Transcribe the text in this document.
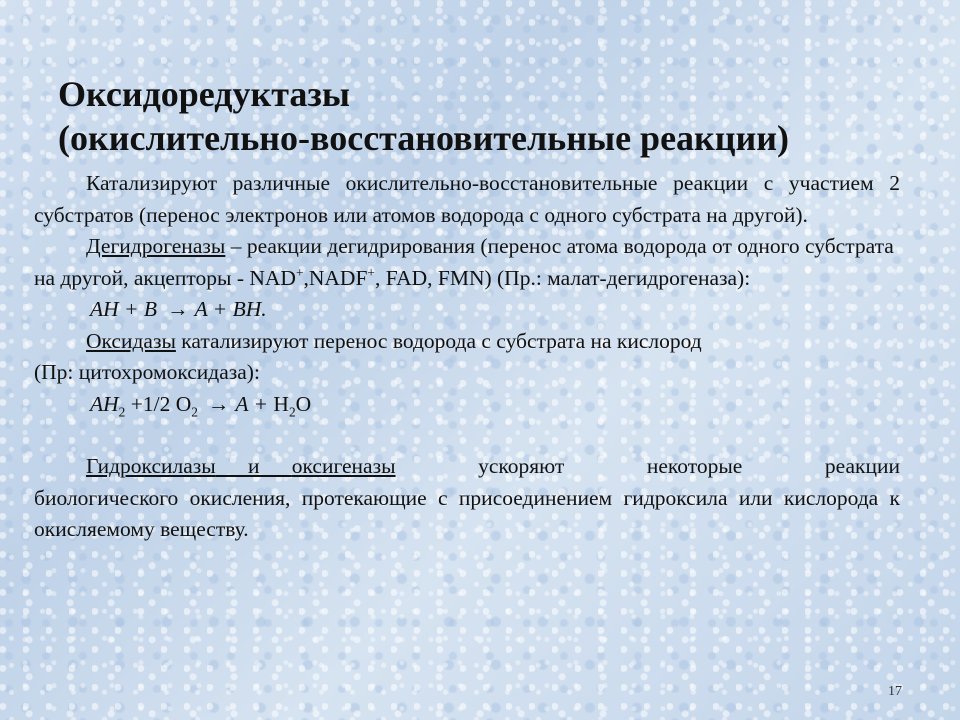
Оксидоредуктазы
(окислительно-восстановительные реакции)

Катализируют различные окислительно-восстановительные реакции с участием 2 субстратов (перенос электронов или атомов водорода с одного субстрата на другой).

Дегидрогеназы – реакции дегидрирования (перенос атома водорода от одного субстрата на другой, акцепторы - NAD+,NADF+, FAD, FMN) (Пр.: малат-дегидрогеназа):

AH + B → A + BH.

Оксидазы катализируют перенос водорода с субстрата на кислород

(Пр: цитохромоксидаза):

$AH_2 +1/2$ $O_2 \to A + H_2O$

Гидроксилазы и оксигеназы	ускоряют	некоторые	реакции

биологического окисления, протекающие с присоединением гидроксила или кислорода к окисляемому веществу.

17
